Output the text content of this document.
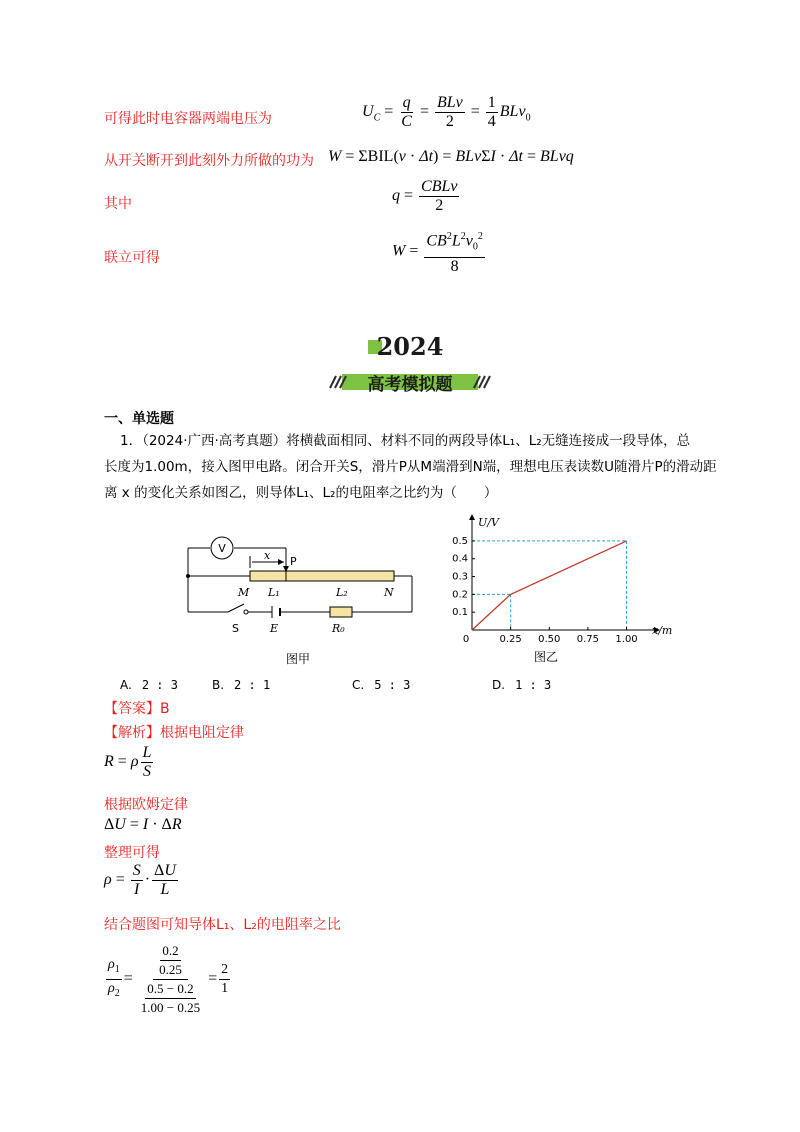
可得此时电容器两端电压为	$U_C = \frac{q}{C} = \frac{\text{BLv}}{2} = \frac{1}{4} BLv_0$
从开关断开到此刻外力所做的功为 W = ΣBIL(v · Δt) = BLvΣI · Δt = BLvq
其中	$q = \frac{\text{CBLv}}{2}$
联立可得	$W = \frac{CB^2L^2v_0^2}{8}$
2024
高考模拟题
一、单选题
1．（2024·广西·高考真题）将横截面相同、材料不同的两段导体L₁、L₂无缝连接成一段导体，总
长度为1.00m，接入图甲电路。闭合开关S，滑片P从M端滑到N端，理想电压表读数U随滑片P的滑动距
离 x 的变化关系如图乙，则导体L₁、L₂的电阻率之比约为（　　）
V
x P
M L₁	L₂	N
S	E	R₀
图甲
0.25 0.50 0.75 1.00
0.1
0.2
0.3
0.4
0.5
0
x/m
U/V
图乙
A. 2 : 3	B. 2 : 1	C. 5 : 3	D. 1 : 3
【答案】B
【解析】根据电阻定律
R = ρ $\frac{L}{S}$
根据欧姆定律
ΔU = I · ΔR
整理可得
$\rho = \frac{S}{I} \cdot \frac{\Delta U}{L}$
结合题图可知导体L₁、L₂的电阻率之比
$\frac{\rho_1}{\rho_2} = \frac{\frac{0.2}{0.25}}{\frac{0.5 - 0.2}{1.00 - 0.25}} = \frac{2}{1}$
